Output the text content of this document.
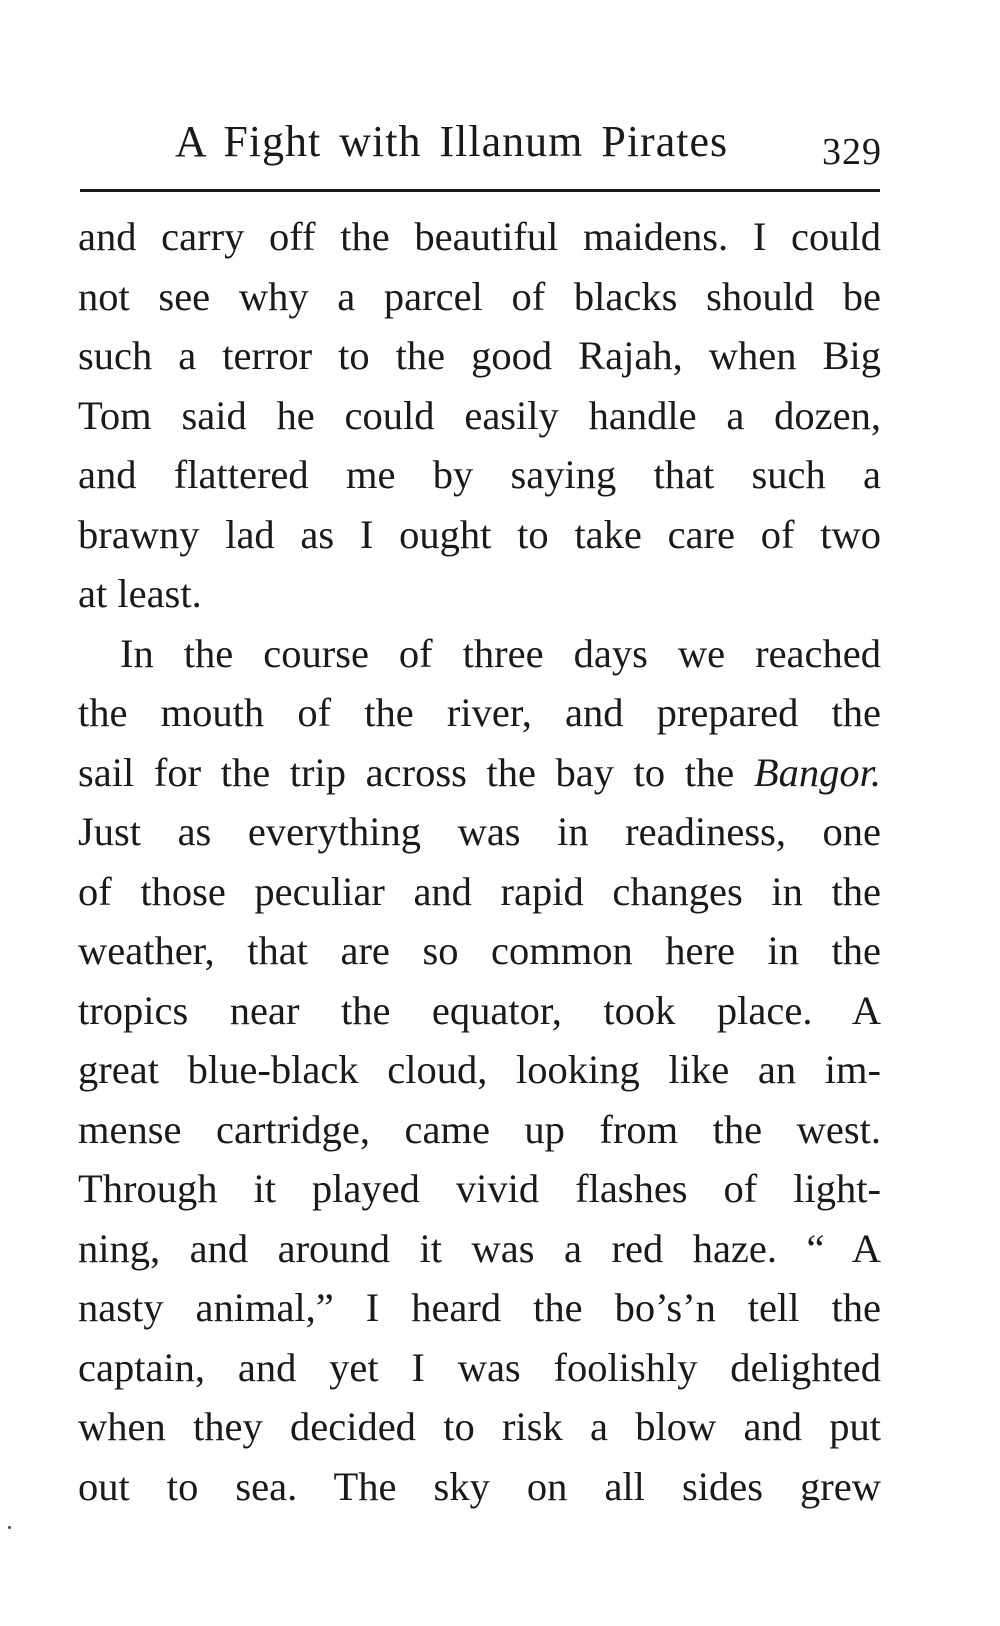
A Fight with Illanum Pirates 329
and carry off the beautiful maidens. I could
not see why a parcel of blacks should be
such a terror to the good Rajah, when Big
Tom said he could easily handle a dozen,
and flattered me by saying that such a
brawny lad as I ought to take care of two
at least.
In the course of three days we reached
the mouth of the river, and prepared the
sail for the trip across the bay to the Bangor.
Just as everything was in readiness, one
of those peculiar and rapid changes in the
weather, that are so common here in the
tropics near the equator, took place. A
great blue-black cloud, looking like an im-
mense cartridge, came up from the west.
Through it played vivid flashes of light-
ning, and around it was a red haze. “ A
nasty animal,” I heard the bo’s’n tell the
captain, and yet I was foolishly delighted
when they decided to risk a blow and put
out to sea. The sky on all sides grew
